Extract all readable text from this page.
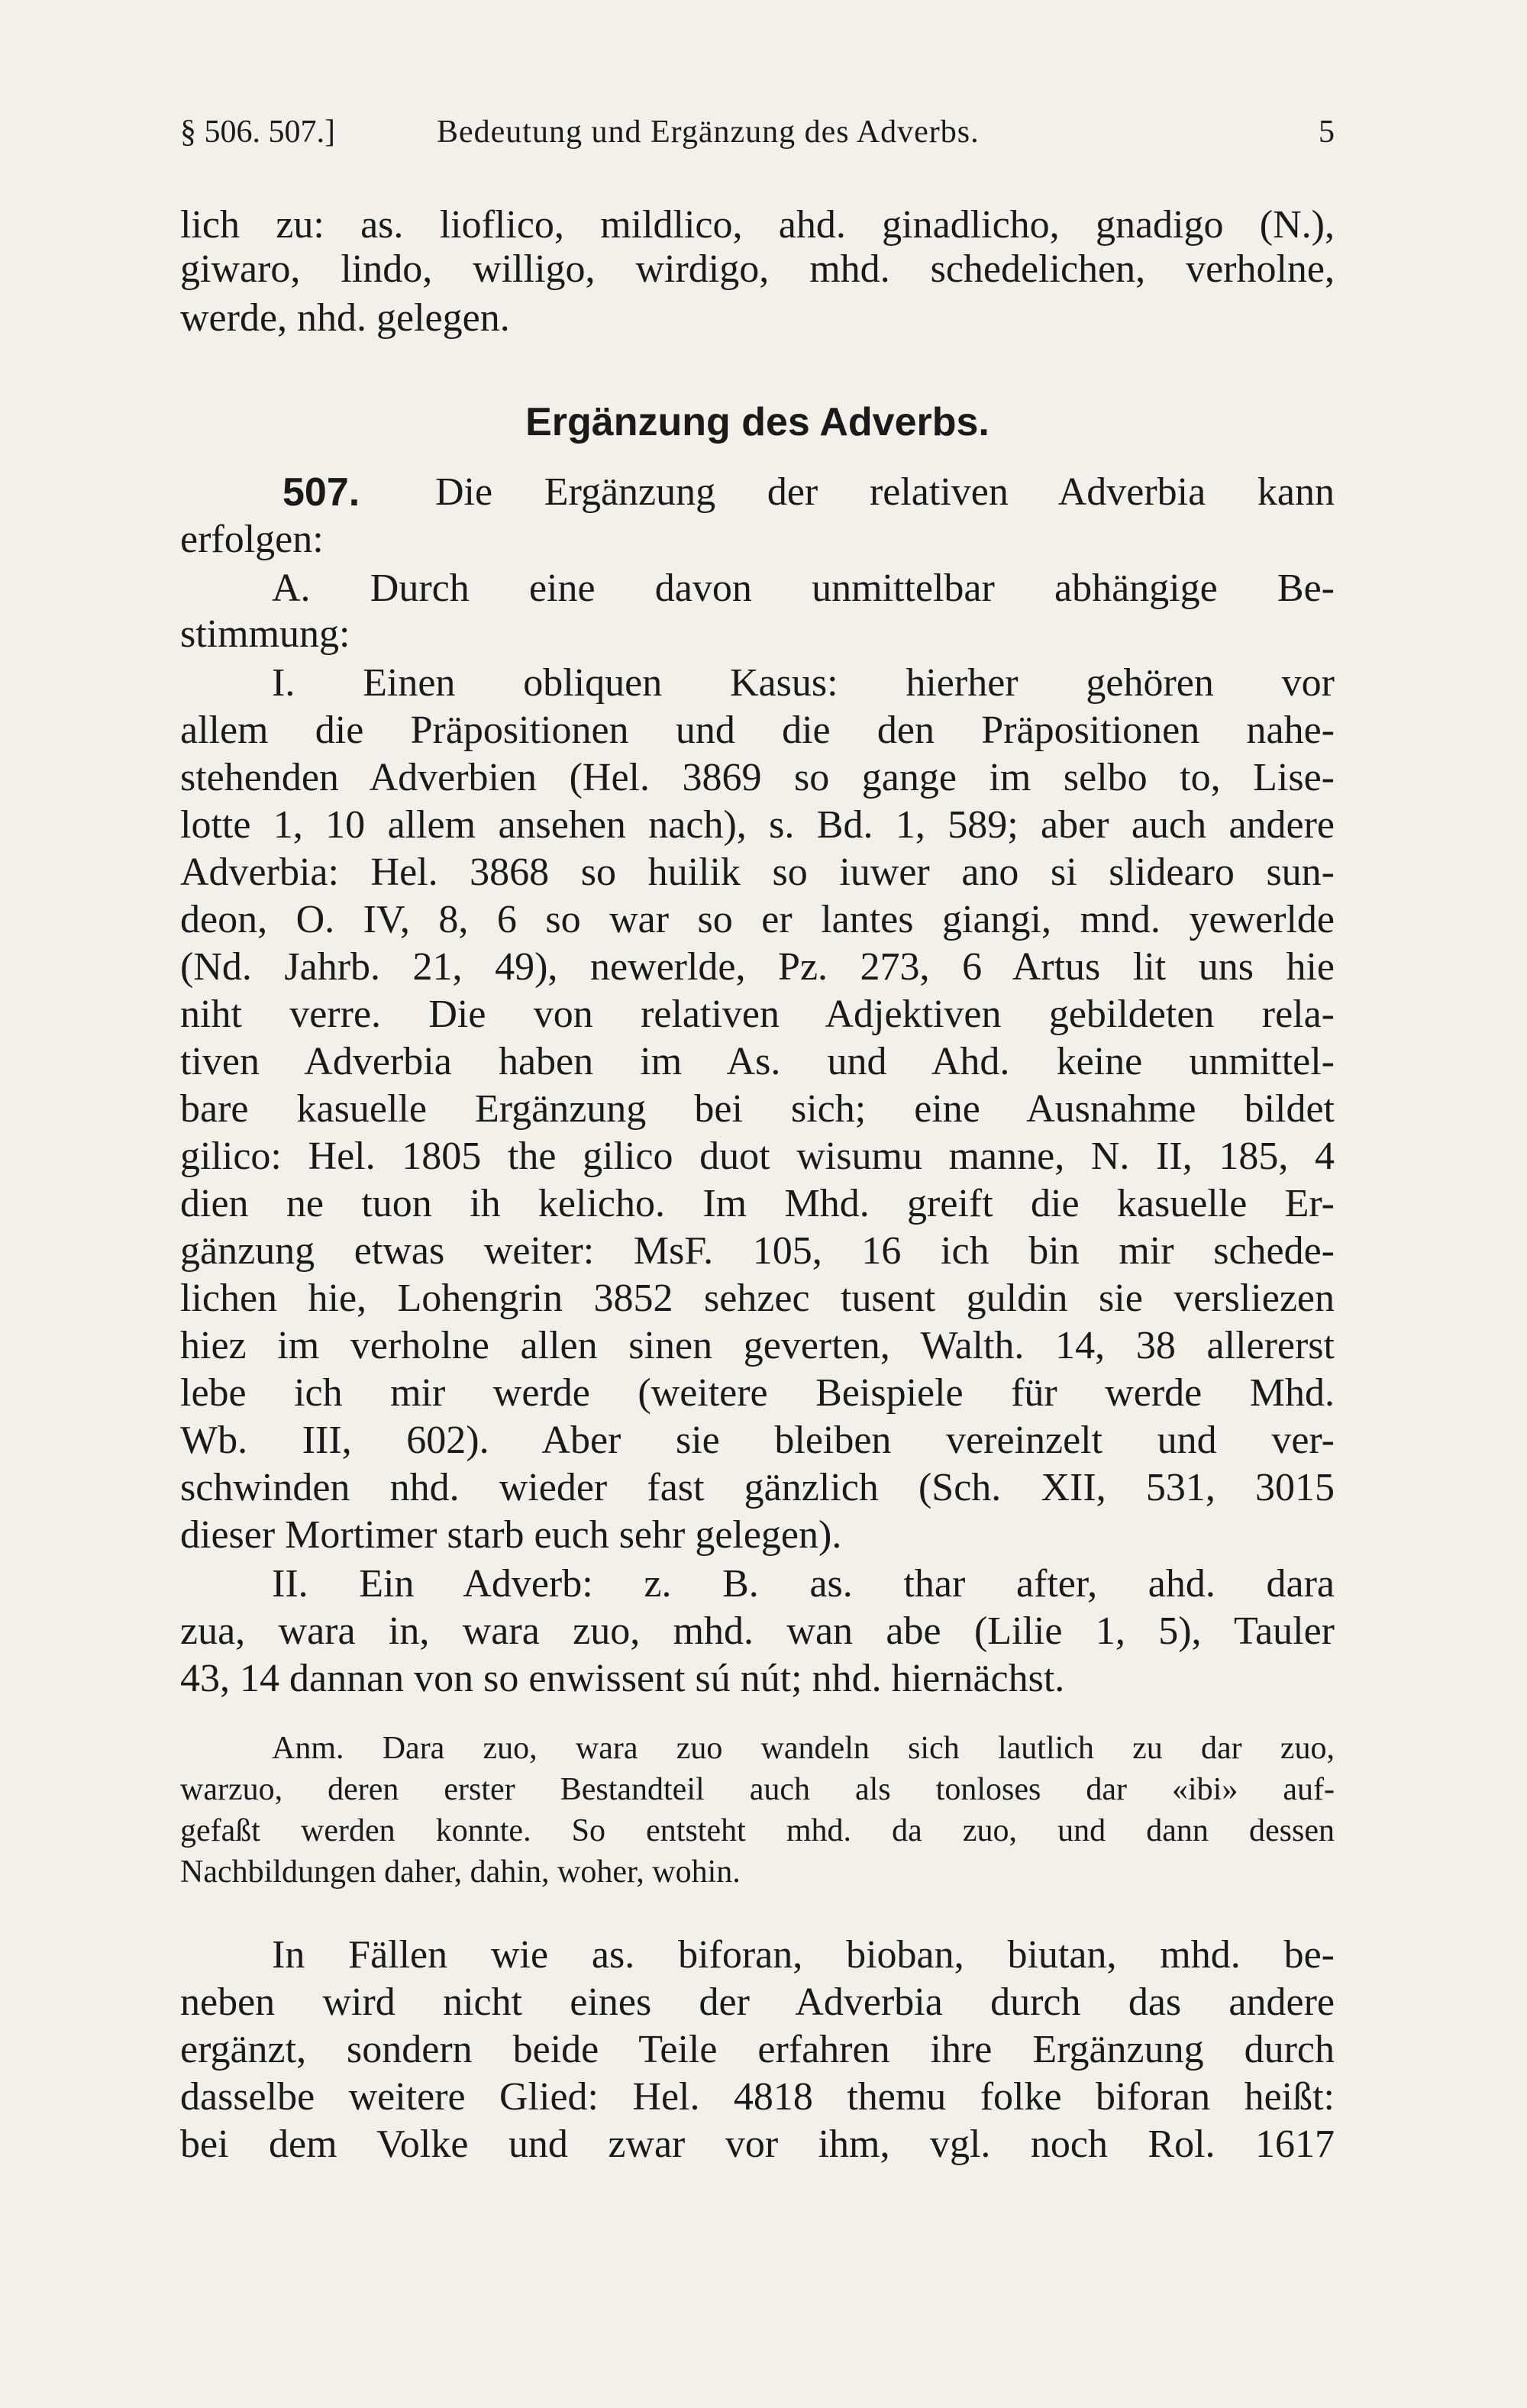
§ 506. 507.]	Bedeutung und Ergänzung des Adverbs.	5
lich zu: as. lioflico, mildlico, ahd. ginadlicho, gnadigo (N.),
giwaro, lindo, willigo, wirdigo, mhd. schedelichen, verholne,
werde, nhd. gelegen.
Ergänzung des Adverbs.
507. Die Ergänzung der relativen Adverbia kann
erfolgen:
A. Durch eine davon unmittelbar abhängige Be-
stimmung:
I. Einen obliquen Kasus: hierher gehören vor
allem die Präpositionen und die den Präpositionen nahe-
stehenden Adverbien (Hel. 3869 so gange im selbo to, Lise-
lotte 1, 10 allem ansehen nach), s. Bd. 1, 589; aber auch andere
Adverbia: Hel. 3868 so huilik so iuwer ano si slidearo sun-
deon, O. IV, 8, 6 so war so er lantes giangi, mnd. yewerlde
(Nd. Jahrb. 21, 49), newerlde, Pz. 273, 6 Artus lit uns hie
niht verre. Die von relativen Adjektiven gebildeten rela-
tiven Adverbia haben im As. und Ahd. keine unmittel-
bare kasuelle Ergänzung bei sich; eine Ausnahme bildet
gilico: Hel. 1805 the gilico duot wisumu manne, N. II, 185, 4
dien ne tuon ih kelicho. Im Mhd. greift die kasuelle Er-
gänzung etwas weiter: MsF. 105, 16 ich bin mir schede-
lichen hie, Lohengrin 3852 sehzec tusent guldin sie versliezen
hiez im verholne allen sinen geverten, Walth. 14, 38 allererst
lebe ich mir werde (weitere Beispiele für werde Mhd.
Wb. III, 602). Aber sie bleiben vereinzelt und ver-
schwinden nhd. wieder fast gänzlich (Sch. XII, 531, 3015
dieser Mortimer starb euch sehr gelegen).
II. Ein Adverb: z. B. as. thar after, ahd. dara
zua, wara in, wara zuo, mhd. wan abe (Lilie 1, 5), Tauler
43, 14 dannan von so enwissent sú nút; nhd. hiernächst.
Anm. Dara zuo, wara zuo wandeln sich lautlich zu dar zuo,
warzuo, deren erster Bestandteil auch als tonloses dar «ibi» auf-
gefaßt werden konnte. So entsteht mhd. da zuo, und dann dessen
Nachbildungen daher, dahin, woher, wohin.
In Fällen wie as. biforan, bioban, biutan, mhd. be-
neben wird nicht eines der Adverbia durch das andere
ergänzt, sondern beide Teile erfahren ihre Ergänzung durch
dasselbe weitere Glied: Hel. 4818 themu folke biforan heißt:
bei dem Volke und zwar vor ihm, vgl. noch Rol. 1617
